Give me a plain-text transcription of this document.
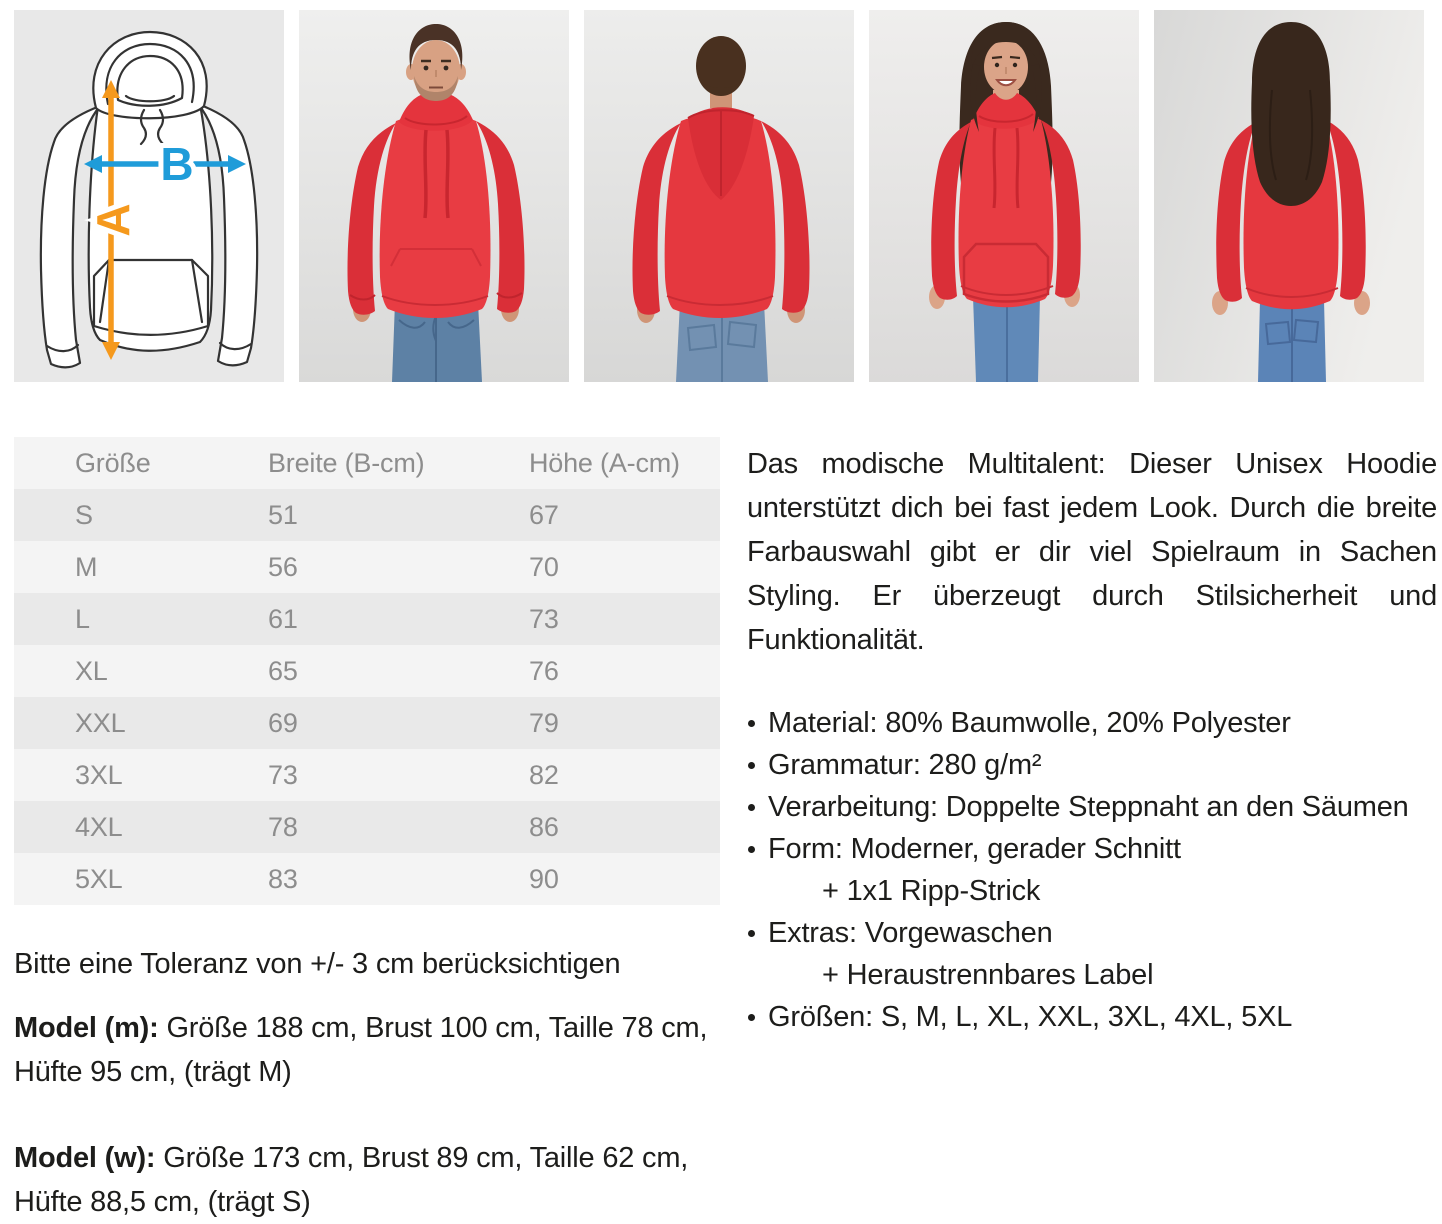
A
B
Größe	Breite (B-cm)	Höhe (A-cm)
S	51	67
M	56	70
L	61	73
XL	65	76
XXL	69	79
3XL	73	82
4XL	78	86
5XL	83	90

Bitte eine Toleranz von +/- 3 cm berücksichtigen

Model (m): Größe 188 cm, Brust 100 cm, Taille 78 cm, Hüfte 95 cm, (trägt M)

Model (w): Größe 173 cm, Brust 89 cm, Taille 62 cm, Hüfte 88,5 cm, (trägt S)

Das modische Multitalent: Dieser Unisex Hoodie unterstützt dich bei fast jedem Look. Durch die breite Farbauswahl gibt er dir viel Spielraum in Sachen Styling. Er überzeugt durch Stilsicherheit und Funktionalität.

Material: 80% Baumwolle, 20% Polyester
Grammatur: 280 g/m²
Verarbeitung: Doppelte Steppnaht an den Säumen
Form: Moderner, gerader Schnitt
+ 1x1 Ripp-Strick
Extras: Vorgewaschen
+ Heraustrennbares Label
Größen: S, M, L, XL, XXL, 3XL, 4XL, 5XL
